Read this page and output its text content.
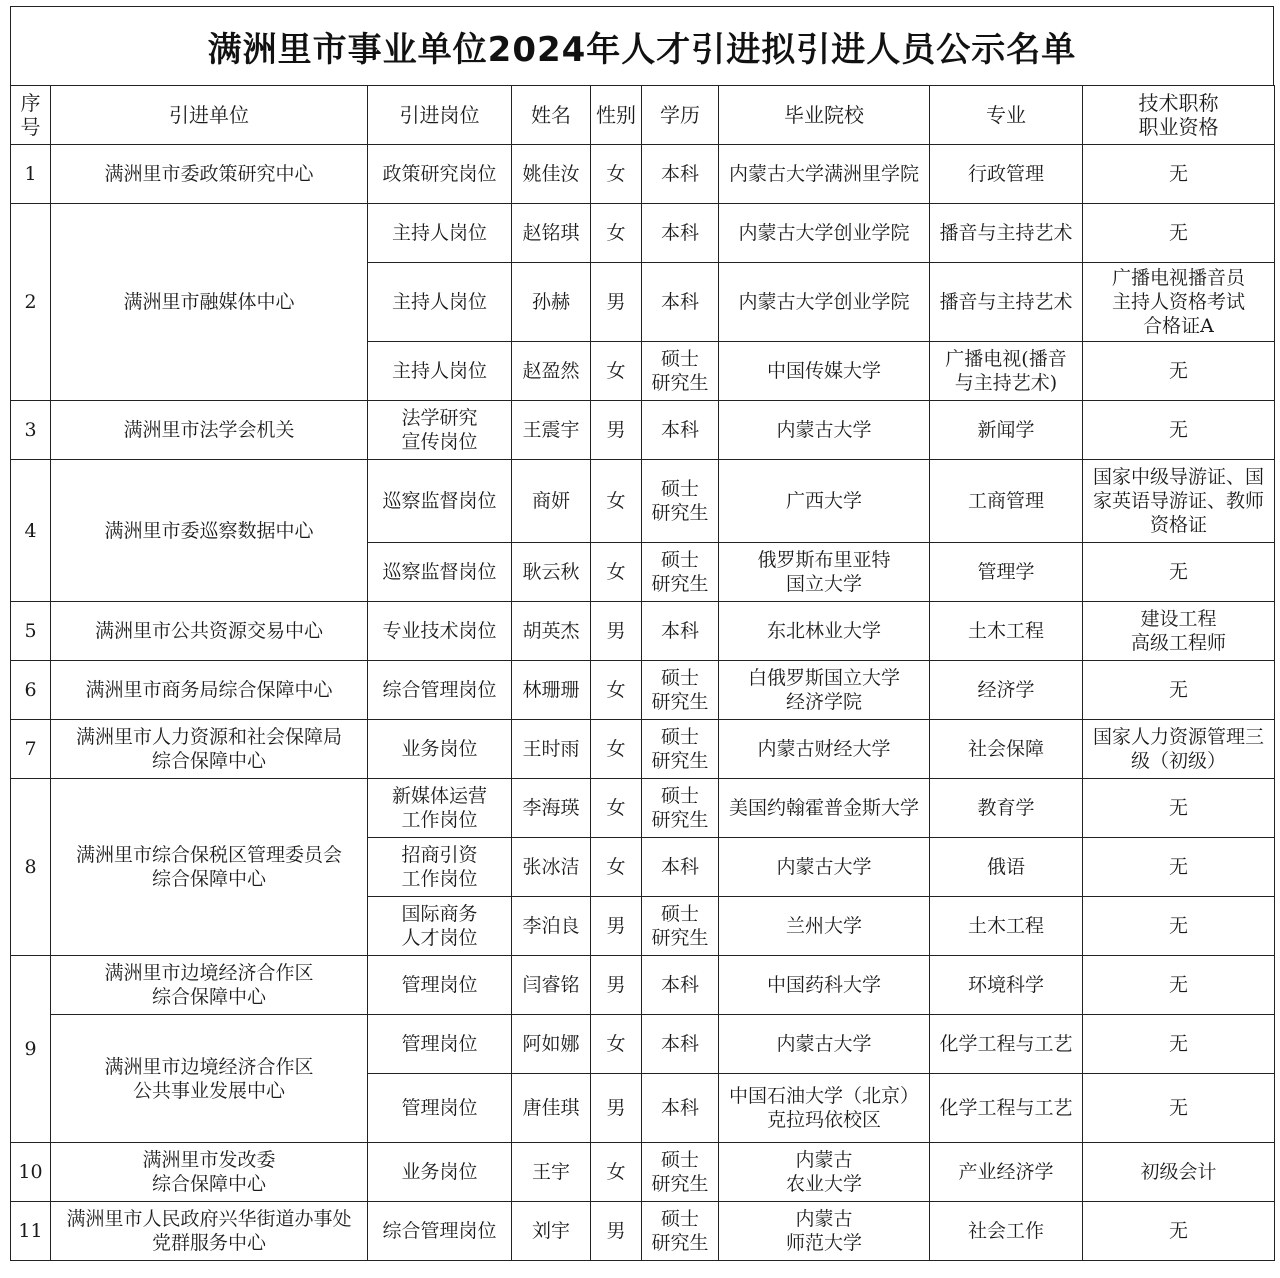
满洲里市事业单位2024年人才引进拟引进人员公示名单
序
号	引进单位	引进岗位	姓名	性别	学历	毕业院校	专业	技术职称
职业资格

1	满洲里市委政策研究中心	政策研究岗位	姚佳汝	女	本科	内蒙古大学满洲里学院	行政管理	无

2	满洲里市融媒体中心	主持人岗位	赵铭琪	女	本科	内蒙古大学创业学院	播音与主持艺术	无

		主持人岗位	孙赫	男	本科	内蒙古大学创业学院	播音与主持艺术	广播电视播音员
主持人资格考试
合格证A

		主持人岗位	赵盈然	女	硕士
研究生	中国传媒大学	广播电视(播音
与主持艺术)	无

3	满洲里市法学会机关	法学研究
宣传岗位	王震宇	男	本科	内蒙古大学	新闻学	无

4	满洲里市委巡察数据中心	巡察监督岗位	商妍	女	硕士
研究生	广西大学	工商管理	国家中级导游证、国
家英语导游证、教师
资格证

		巡察监督岗位	耿云秋	女	硕士
研究生	俄罗斯布里亚特
国立大学	管理学	无

5	满洲里市公共资源交易中心	专业技术岗位	胡英杰	男	本科	东北林业大学	土木工程	建设工程
高级工程师

6	满洲里市商务局综合保障中心	综合管理岗位	林珊珊	女	硕士
研究生	白俄罗斯国立大学
经济学院	经济学	无

7	满洲里市人力资源和社会保障局
综合保障中心	业务岗位	王时雨	女	硕士
研究生	内蒙古财经大学	社会保障	国家人力资源管理三
级（初级）

8	满洲里市综合保税区管理委员会
综合保障中心	新媒体运营
工作岗位	李海瑛	女	硕士
研究生	美国约翰霍普金斯大学	教育学	无

		招商引资
工作岗位	张冰洁	女	本科	内蒙古大学	俄语	无

		国际商务
人才岗位	李泊良	男	硕士
研究生	兰州大学	土木工程	无

9	满洲里市边境经济合作区
综合保障中心	管理岗位	闫睿铭	男	本科	中国药科大学	环境科学	无

	满洲里市边境经济合作区
公共事业发展中心	管理岗位	阿如娜	女	本科	内蒙古大学	化学工程与工艺	无

		管理岗位	唐佳琪	男	本科	中国石油大学（北京）
克拉玛依校区	化学工程与工艺	无

10	满洲里市发改委
综合保障中心	业务岗位	王宇	女	硕士
研究生	内蒙古
农业大学	产业经济学	初级会计

11	满洲里市人民政府兴华街道办事处
党群服务中心	综合管理岗位	刘宇	男	硕士
研究生	内蒙古
师范大学	社会工作	无
